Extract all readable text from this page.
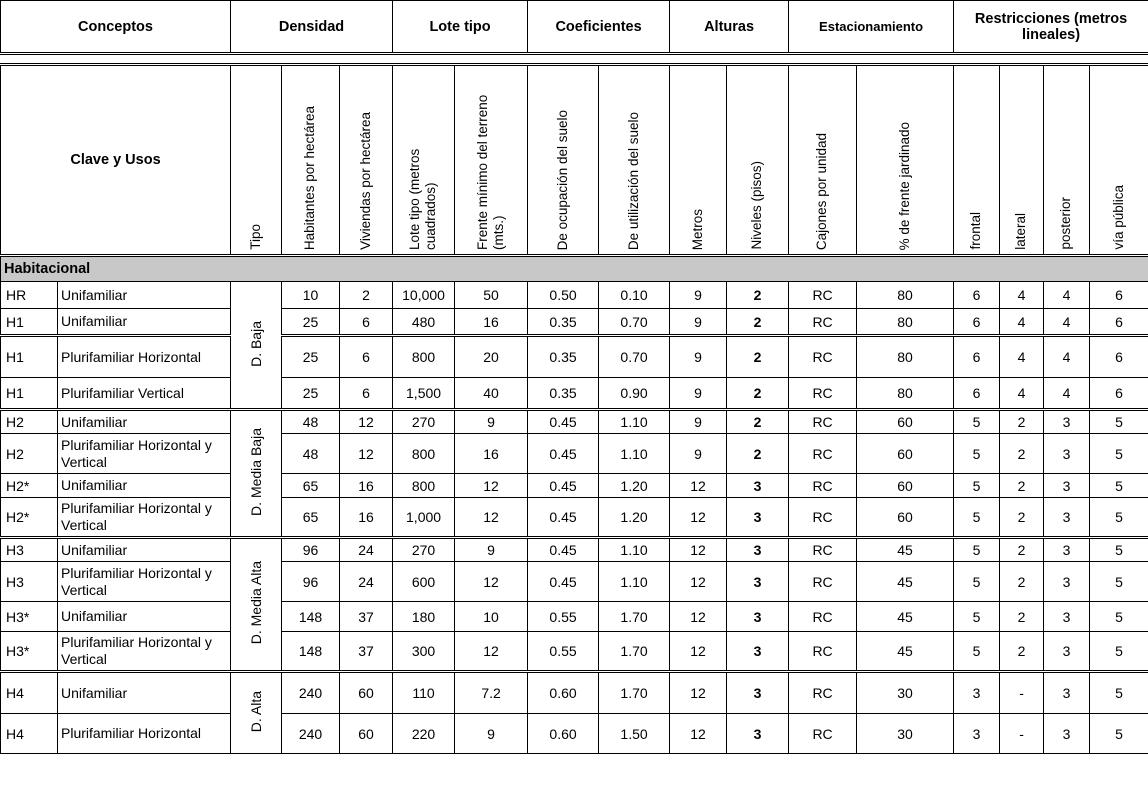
Conceptos		Densidad			Lote tipo		Coeficientes		Alturas		Estacionamiento		Restricciones (metros lineales)			

Clave y Usos		Tipo	Habitantes por hectárea	Viviendas por hectárea	Lote tipo (metros cuadrados)	Frente mínimo del terreno (mts.)	De ocupación del suelo	De utilización del suelo	Metros	Niveles (pisos)	Cajones por unidad	% de frente jardinado	frontal	lateral	posterior	vía pública

Habitacional																
HR	Unifamiliar	D. Baja	10	2	10,000	50	0.50	0.10	9	2	RC	80	6	4	4	6
H1	Unifamiliar		25	6	480	16	0.35	0.70	9	2	RC	80	6	4	4	6
H1	Plurifamiliar Horizontal		25	6	800	20	0.35	0.70	9	2	RC	80	6	4	4	6
H1	Plurifamiliar Vertical		25	6	1,500	40	0.35	0.90	9	2	RC	80	6	4	4	6
H2	Unifamiliar	D. Media Baja	48	12	270	9	0.45	1.10	9	2	RC	60	5	2	3	5
H2	Plurifamiliar Horizontal y Vertical		48	12	800	16	0.45	1.10	9	2	RC	60	5	2	3	5
H2*	Unifamiliar		65	16	800	12	0.45	1.20	12	3	RC	60	5	2	3	5
H2*	Plurifamiliar Horizontal y Vertical		65	16	1,000	12	0.45	1.20	12	3	RC	60	5	2	3	5
H3	Unifamiliar	D. Media Alta	96	24	270	9	0.45	1.10	12	3	RC	45	5	2	3	5
H3	Plurifamiliar Horizontal y Vertical		96	24	600	12	0.45	1.10	12	3	RC	45	5	2	3	5
H3*	Unifamiliar		148	37	180	10	0.55	1.70	12	3	RC	45	5	2	3	5
H3*	Plurifamiliar Horizontal y Vertical		148	37	300	12	0.55	1.70	12	3	RC	45	5	2	3	5
H4	Unifamiliar	D. Alta	240	60	110	7.2	0.60	1.70	12	3	RC	30	3	-	3	5
H4	Plurifamiliar Horizontal		240	60	220	9	0.60	1.50	12	3	RC	30	3	-	3	5
